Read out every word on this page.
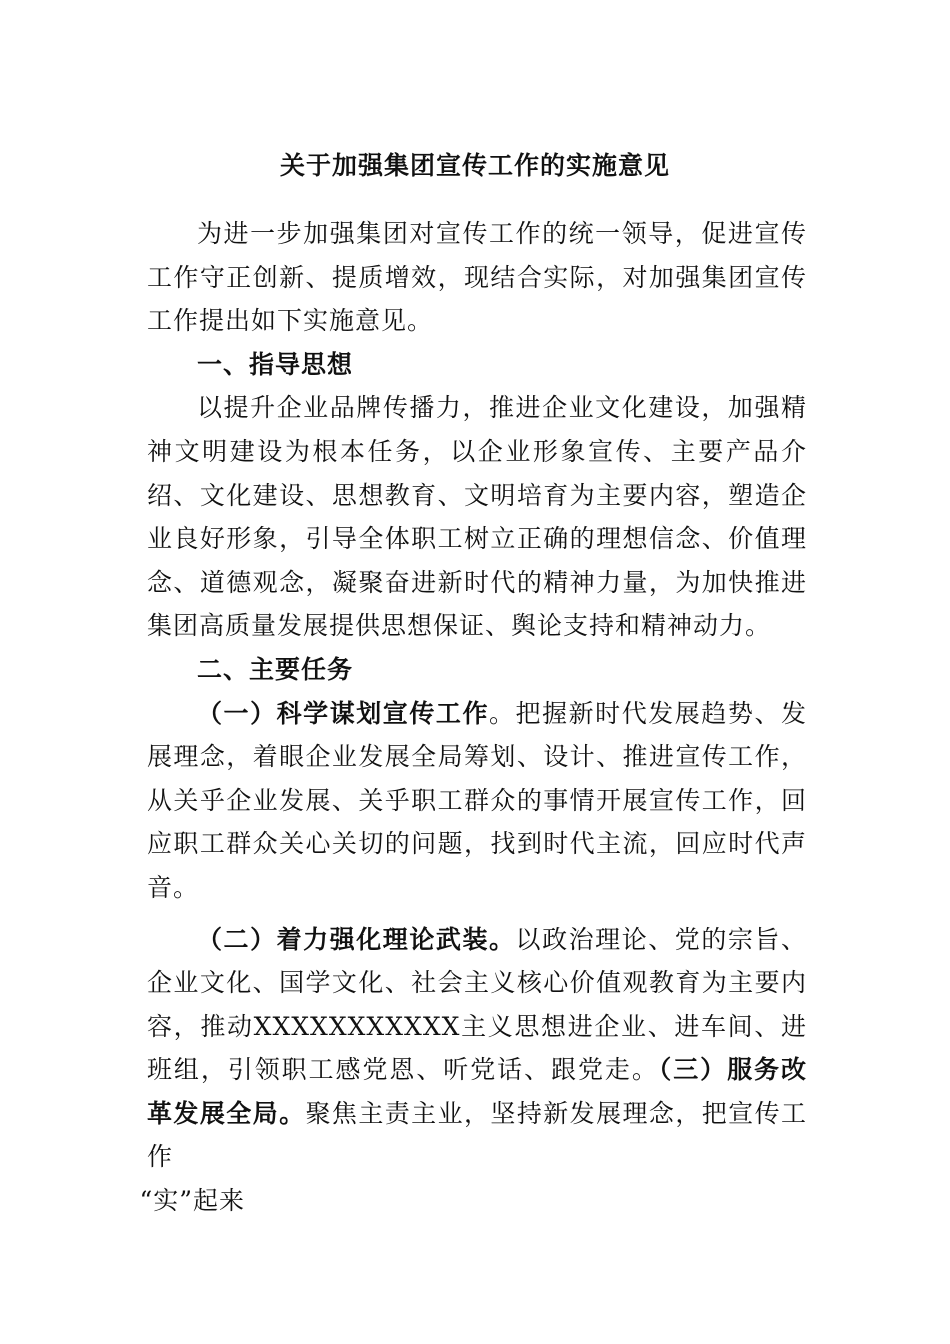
关于加强集团宣传工作的实施意见

为进一步加强集团对宣传工作的统一领导，促进宣传工作守正创新、提质增效，现结合实际，对加强集团宣传工作提出如下实施意见。

一、指导思想

以提升企业品牌传播力，推进企业文化建设，加强精神文明建设为根本任务，以企业形象宣传、主要产品介绍、文化建设、思想教育、文明培育为主要内容，塑造企业良好形象，引导全体职工树立正确的理想信念、价值理念、道德观念，凝聚奋进新时代的精神力量，为加快推进集团高质量发展提供思想保证、舆论支持和精神动力。

二、主要任务

（一）科学谋划宣传工作。把握新时代发展趋势、发展理念，着眼企业发展全局筹划、设计、推进宣传工作，从关乎企业发展、关乎职工群众的事情开展宣传工作，回应职工群众关心关切的问题，找到时代主流，回应时代声音。

（二）着力强化理论武装。以政治理论、党的宗旨、企业文化、国学文化、社会主义核心价值观教育为主要内容，推动XXXXXXXXXXX主义思想进企业、进车间、进班组，引领职工感党恩、听党话、跟党走。（三）服务改革发展全局。聚焦主责主业，坚持新发展理念，把宣传工作

“实”起来
